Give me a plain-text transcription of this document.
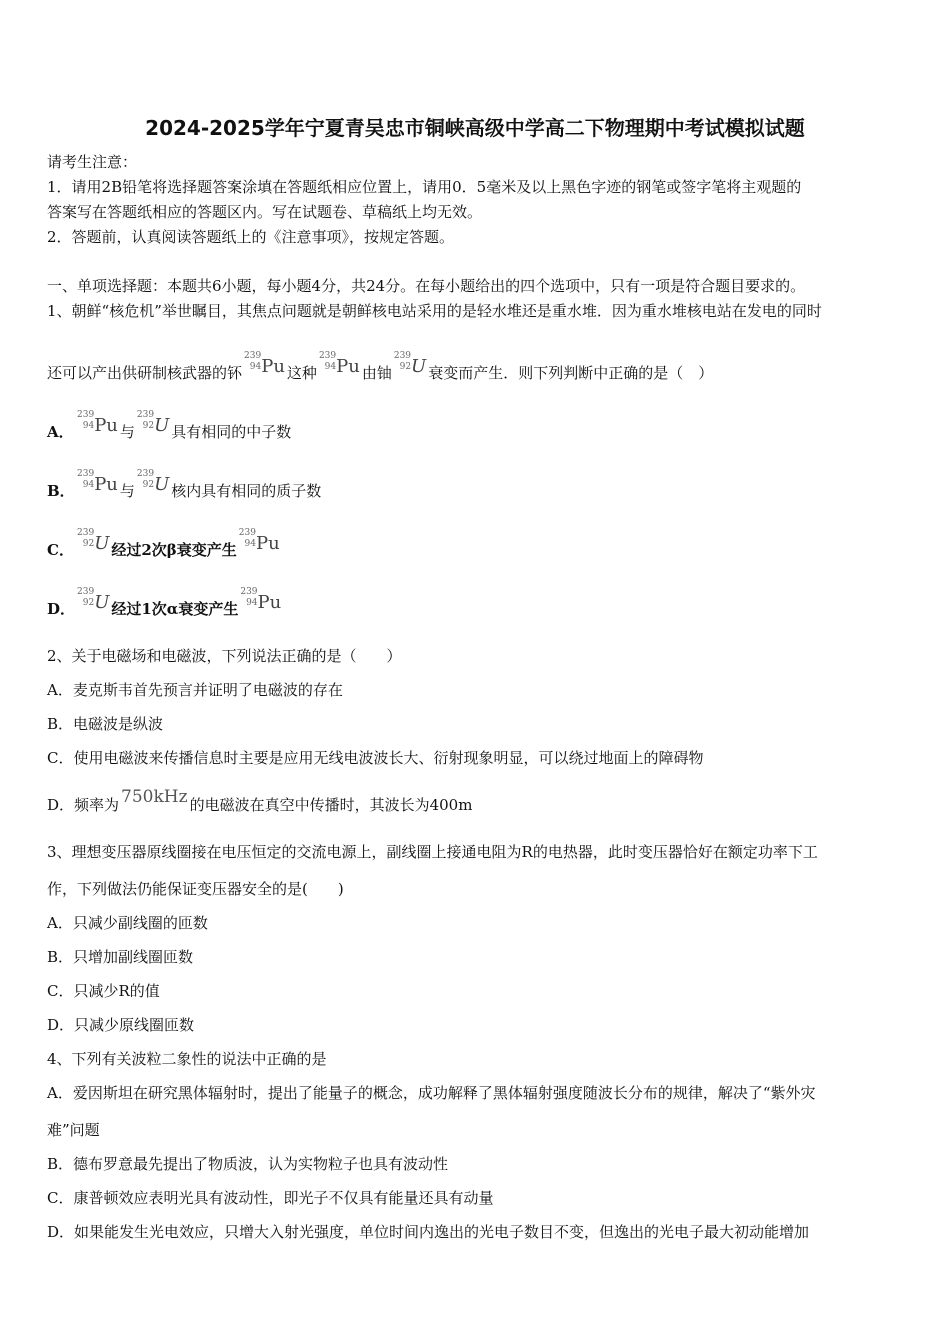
2024-2025学年宁夏青吴忠市铜峡高级中学高二下物理期中考试模拟试题
请考生注意：
1．请用2B铅笔将选择题答案涂填在答题纸相应位置上，请用0．5毫米及以上黑色字迹的钢笔或签字笔将主观题的
答案写在答题纸相应的答题区内。写在试题卷、草稿纸上均无效。
2．答题前，认真阅读答题纸上的《注意事项》，按规定答题。
一、单项选择题：本题共6小题，每小题4分，共24分。在每小题给出的四个选项中，只有一项是符合题目要求的。
1、朝鲜“核危机”举世瞩目，其焦点问题就是朝鲜核电站采用的是轻水堆还是重水堆．因为重水堆核电站在发电的同时
还可以产出供研制核武器的钚
239
94 Pu 这种
239
94 Pu 由铀
239
92 U 衰变而产生．则下列判断中正确的是（　）
A．
239
94 Pu 与
239
92 U 具有相同的中子数
B．
239
94 Pu 与
239
92 U 核内具有相同的质子数
C．
239
92 U 经过2次β衰变产生
239
94 Pu
D．
239
92 U 经过1次α衰变产生
239
94 Pu
2、关于电磁场和电磁波，下列说法正确的是（　　）
A．麦克斯韦首先预言并证明了电磁波的存在
B．电磁波是纵波
C．使用电磁波来传播信息时主要是应用无线电波波长大、衍射现象明显，可以绕过地面上的障碍物
D．频率为 750kHz 的电磁波在真空中传播时，其波长为400m
3、理想变压器原线圈接在电压恒定的交流电源上，副线圈上接通电阻为R的电热器，此时变压器恰好在额定功率下工
作，下列做法仍能保证变压器安全的是(　　)
A．只减少副线圈的匝数
B．只增加副线圈匝数
C．只减少R的值
D．只减少原线圈匝数
4、下列有关波粒二象性的说法中正确的是
A．爱因斯坦在研究黑体辐射时，提出了能量子的概念，成功解释了黑体辐射强度随波长分布的规律，解决了“紫外灾
难”问题
B．德布罗意最先提出了物质波，认为实物粒子也具有波动性
C．康普顿效应表明光具有波动性，即光子不仅具有能量还具有动量
D．如果能发生光电效应，只增大入射光强度，单位时间内逸出的光电子数目不变，但逸出的光电子最大初动能增加
